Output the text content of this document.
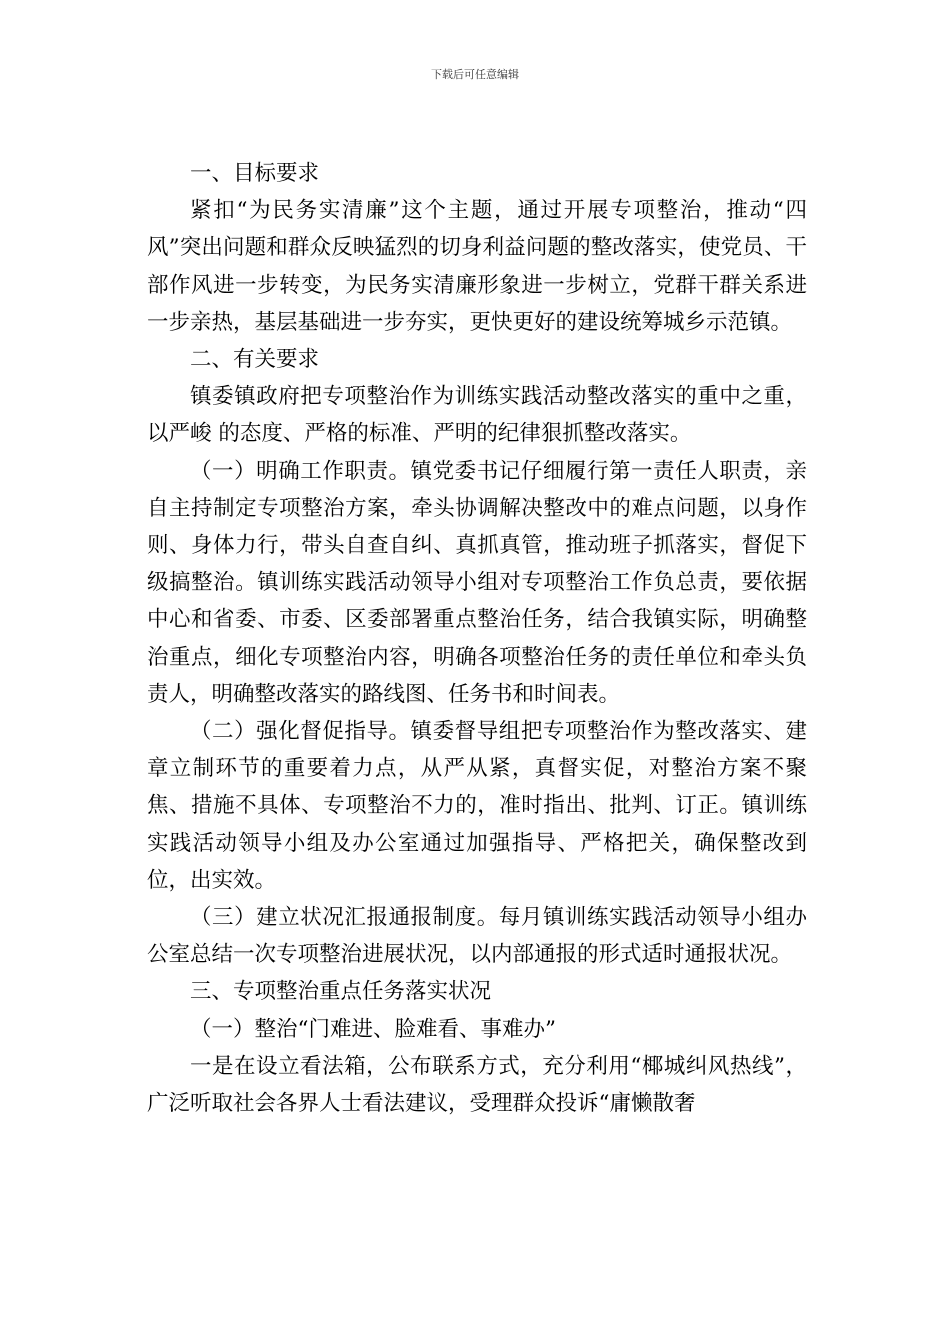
下载后可任意编辑

一、目标要求

紧扣“为民务实清廉”这个主题，通过开展专项整治，推动“四风”突出问题和群众反映猛烈的切身利益问题的整改落实，使党员、干部作风进一步转变，为民务实清廉形象进一步树立，党群干群关系进一步亲热，基层基础进一步夯实，更快更好的建设统筹城乡示范镇。

二、有关要求

镇委镇政府把专项整治作为训练实践活动整改落实的重中之重，以严峻 的态度、严格的标准、严明的纪律狠抓整改落实。

（一）明确工作职责。镇党委书记仔细履行第一责任人职责，亲自主持制定专项整治方案，牵头协调解决整改中的难点问题，以身作则、身体力行，带头自查自纠、真抓真管，推动班子抓落实，督促下级搞整治。镇训练实践活动领导小组对专项整治工作负总责，要依据中心和省委、市委、区委部署重点整治任务，结合我镇实际，明确整治重点，细化专项整治内容，明确各项整治任务的责任单位和牵头负责人，明确整改落实的路线图、任务书和时间表。

（二）强化督促指导。镇委督导组把专项整治作为整改落实、建章立制环节的重要着力点，从严从紧，真督实促，对整治方案不聚焦、措施不具体、专项整治不力的，准时指出、批判、订正。镇训练实践活动领导小组及办公室通过加强指导、严格把关，确保整改到位，出实效。

（三）建立状况汇报通报制度。每月镇训练实践活动领导小组办公室总结一次专项整治进展状况，以内部通报的形式适时通报状况。

三、专项整治重点任务落实状况

（一）整治“门难进、脸难看、事难办”

一是在设立看法箱，公布联系方式，充分利用“椰城纠风热线”，广泛听取社会各界人士看法建议，受理群众投诉“庸懒散奢
